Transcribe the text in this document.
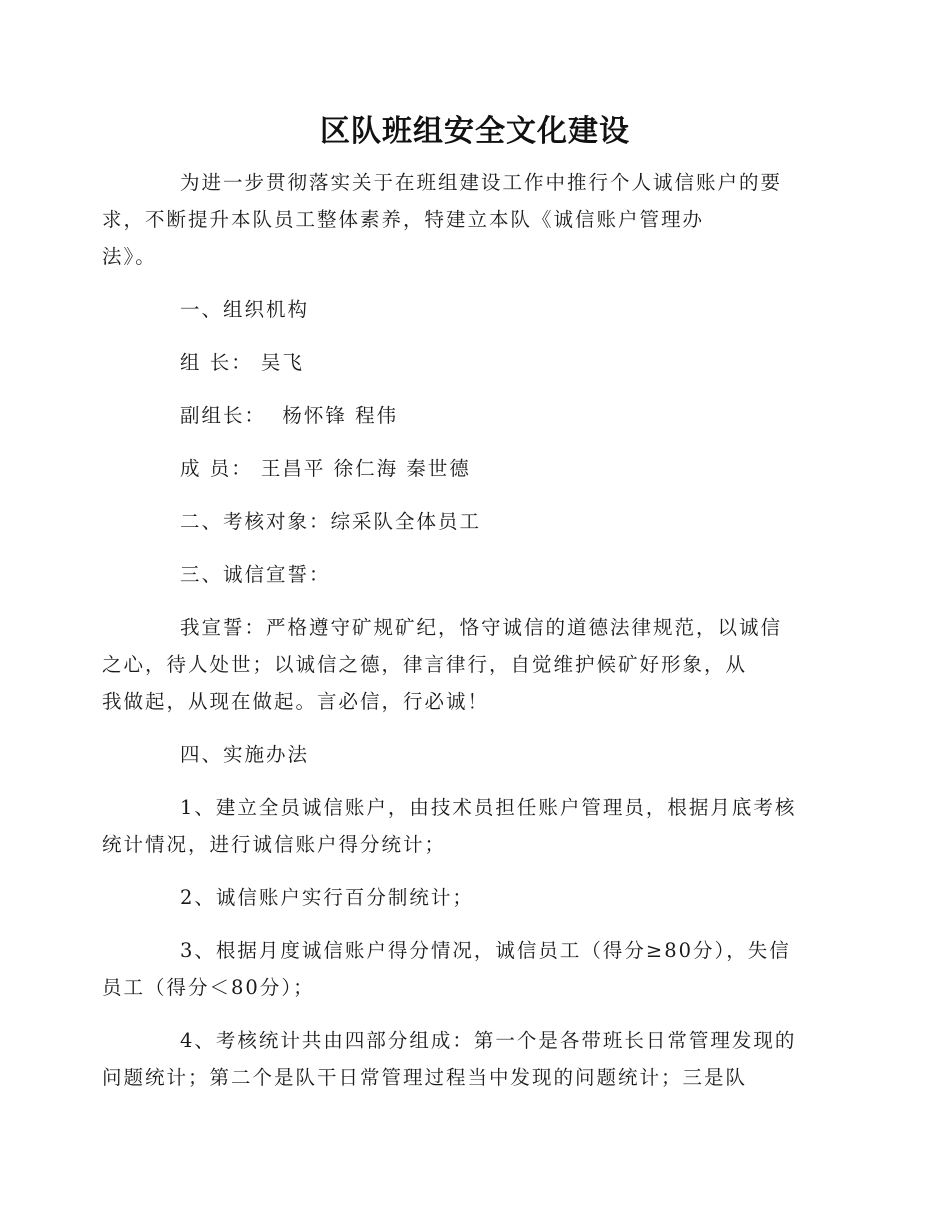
区队班组安全文化建设
为进一步贯彻落实关于在班组建设工作中推行个人诚信账户的要
求，不断提升本队员工整体素养，特建立本队《诚信账户管理办
法》。
一、组织机构
组 长： 吴飞
副组长：  杨怀锋 程伟
成 员： 王昌平 徐仁海 秦世德
二、考核对象：综采队全体员工
三、诚信宣誓：
我宣誓：严格遵守矿规矿纪，恪守诚信的道德法律规范，以诚信
之心，待人处世；以诚信之德，律言律行，自觉维护候矿好形象，从
我做起，从现在做起。言必信，行必诚！
四、实施办法
1、建立全员诚信账户，由技术员担任账户管理员，根据月底考核
统计情况，进行诚信账户得分统计；
2、诚信账户实行百分制统计；
3、根据月度诚信账户得分情况，诚信员工（得分≥80分），失信
员工（得分＜80分）；
4、考核统计共由四部分组成：第一个是各带班长日常管理发现的
问题统计；第二个是队干日常管理过程当中发现的问题统计；三是队
